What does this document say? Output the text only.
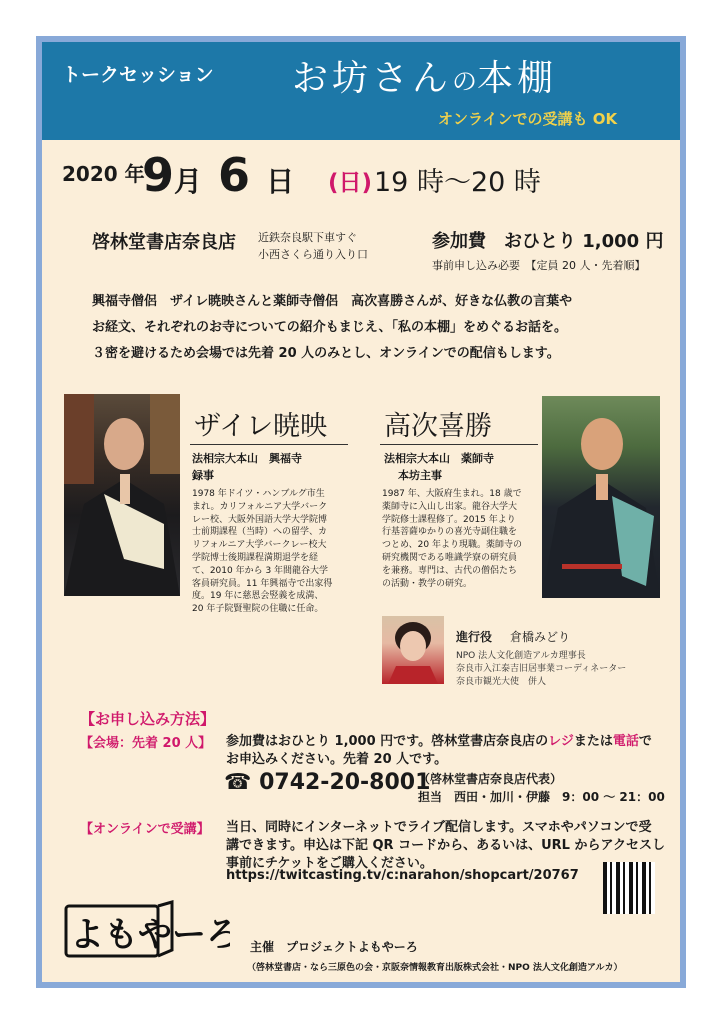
トークセッション お坊さんの本棚
オンラインでの受講も OK
2020 年
9月 6 日 (日) 19 時〜20 時
啓林堂書店奈良店 近鉄奈良駅下車すぐ
小西さくら通り入り口
参加費　おひとり 1,000 円
事前申し込み必要　【定員 20 人・先着順】
興福寺僧侶　ザイレ暁映さんと薬師寺僧侶　高次喜勝さんが、好きな仏教の言葉や
お経文、それぞれのお寺についての紹介もまじえ、「私の本棚」をめぐるお話を。
３密を避けるため会場では先着 20 人のみとし、オンラインでの配信もします。
ザイレ暁映
法相宗大本山　興福寺
録事
1978 年ドイツ・ハンブルグ市生
まれ。カリフォルニア大学バーク
レー校、大阪外国語大学大学院博
士前期課程（当時）への留学、カ
リフォルニア大学バークレー校大
学院博士後期課程満期退学を経
て、2010 年から 3 年間龍谷大学
客員研究員。11 年興福寺で出家得
度。19 年に慈恩会竪義を成満、
20 年子院賢聖院の住職に任命。
高次喜勝
法相宗大本山　薬師寺
本坊主事
1987 年、大阪府生まれ。18 歳で
薬師寺に入山し出家。龍谷大学大
学院修士課程修了。2015 年より
行基菩薩ゆかりの喜光寺副住職を
つとめ、20 年より現職。薬師寺の
研究機関である唯識学寮の研究員
を兼務。専門は、古代の僧侶たち
の活動・教学の研究。
進行役 倉橋みどり
NPO 法人文化創造アルカ理事長
奈良市入江泰吉旧居事業コーディネーター
奈良市観光大使　併人
【お申し込み方法】
【会場：先着 20 人】 参加費はおひとり 1,000 円です。啓林堂書店奈良店のレジまたは電話で
お申込みください。先着 20 人です。
☎ 0742-20-8001
（啓林堂書店奈良店代表）
担当　西田・加川・伊藤　9：00 〜 21：00
【オンラインで受講】 当日、同時にインターネットでライブ配信します。スマホやパソコンで受
講できます。申込は下記 QR コードから、あるいは、URL からアクセスし
事前にチケットをご購入ください。
https://twitcasting.tv/c:narahon/shopcart/20767
よもやーろ 主催 プロジェクトよもやーろ
（啓林堂書店・なら三原色の会・京阪奈情報教育出版株式会社・NPO 法人文化創造アルカ）
